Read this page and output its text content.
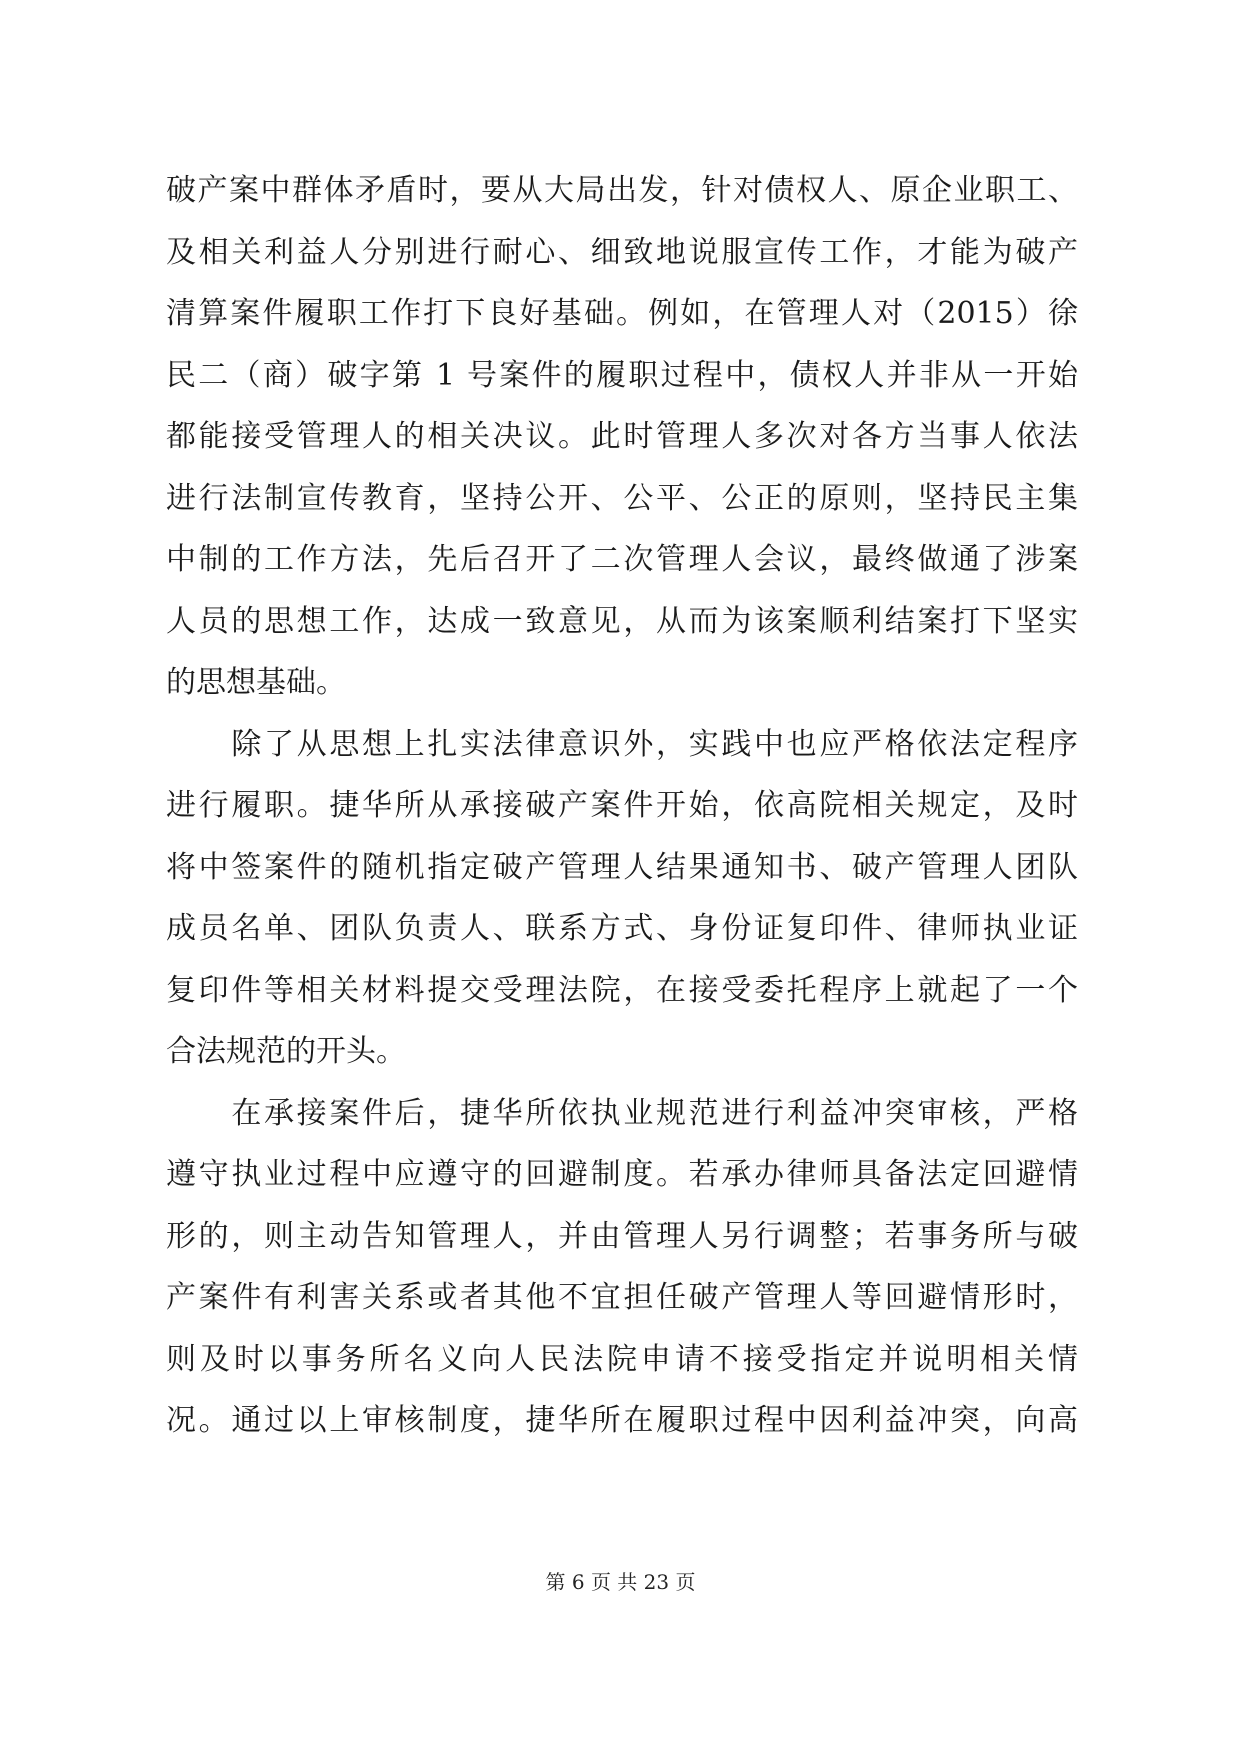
破产案中群体矛盾时，要从大局出发，针对债权人、原企业职工、
及相关利益人分别进行耐心、细致地说服宣传工作，才能为破产
清算案件履职工作打下良好基础。例如，在管理人对（2015）徐
民二（商）破字第 1 号案件的履职过程中，债权人并非从一开始
都能接受管理人的相关决议。此时管理人多次对各方当事人依法
进行法制宣传教育，坚持公开、公平、公正的原则，坚持民主集
中制的工作方法，先后召开了二次管理人会议，最终做通了涉案
人员的思想工作，达成一致意见，从而为该案顺利结案打下坚实
的思想基础。
　　除了从思想上扎实法律意识外，实践中也应严格依法定程序
进行履职。捷华所从承接破产案件开始，依高院相关规定，及时
将中签案件的随机指定破产管理人结果通知书、破产管理人团队
成员名单、团队负责人、联系方式、身份证复印件、律师执业证
复印件等相关材料提交受理法院，在接受委托程序上就起了一个
合法规范的开头。
　　在承接案件后，捷华所依执业规范进行利益冲突审核，严格
遵守执业过程中应遵守的回避制度。若承办律师具备法定回避情
形的，则主动告知管理人，并由管理人另行调整；若事务所与破
产案件有利害关系或者其他不宜担任破产管理人等回避情形时，
则及时以事务所名义向人民法院申请不接受指定并说明相关情
况。通过以上审核制度，捷华所在履职过程中因利益冲突，向高
第 6 页 共 23 页
